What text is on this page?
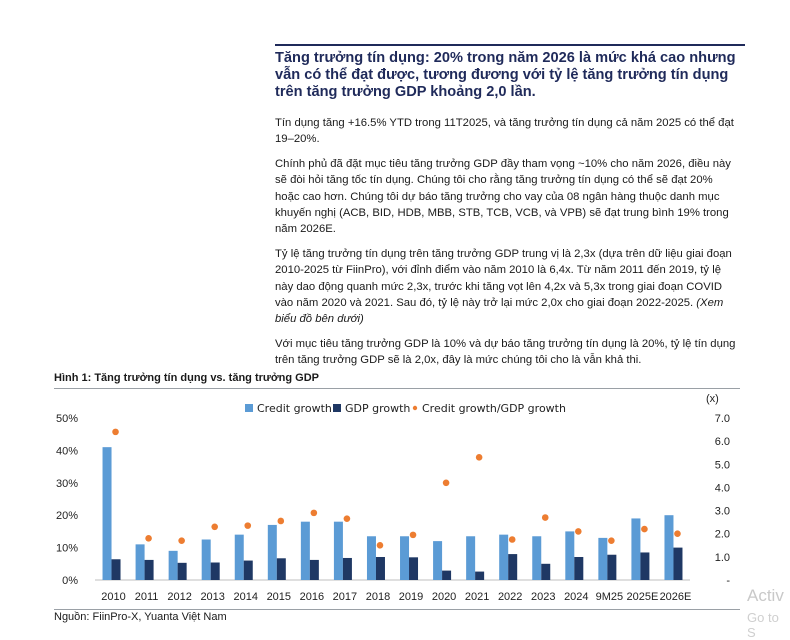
Tăng trưởng tín dụng: 20% trong năm 2026 là mức khá cao nhưng vẫn có thể đạt được, tương đương với tỷ lệ tăng trưởng tín dụng trên tăng trưởng GDP khoảng 2,0 lần.

Tín dụng tăng +16.5% YTD trong 11T2025, và tăng trưởng tín dụng cả năm 2025 có thể đạt 19–20%.

Chính phủ đã đặt mục tiêu tăng trưởng GDP đầy tham vọng ~10% cho năm 2026, điều này sẽ đòi hỏi tăng tốc tín dụng. Chúng tôi cho rằng tăng trưởng tín dụng có thể sẽ đạt 20% hoặc cao hơn. Chúng tôi dự báo tăng trưởng cho vay của 08 ngân hàng thuộc danh mục khuyến nghị (ACB, BID, HDB, MBB, STB, TCB, VCB, và VPB) sẽ đạt trung bình 19% trong năm 2026E.

Tỷ lệ tăng trưởng tín dụng trên tăng trưởng GDP trung vị là 2,3x (dựa trên dữ liệu giai đoạn 2010-2025 từ FiinPro), với đỉnh điểm vào năm 2010 là 6,4x. Từ năm 2011 đến 2019, tỷ lệ này dao động quanh mức 2,3x, trước khi tăng vọt lên 4,2x và 5,3x trong giai đoạn COVID vào năm 2020 và 2021. Sau đó, tỷ lệ này trở lại mức 2,0x cho giai đoạn 2022-2025. (Xem biểu đồ bên dưới)

Với mục tiêu tăng trưởng GDP là 10% và dự báo tăng trưởng tín dụng là 20%, tỷ lệ tín dụng trên tăng trưởng GDP sẽ là 2,0x, đây là mức chúng tôi cho là vẫn khả thi.

Hình 1: Tăng trưởng tín dụng vs. tăng trưởng GDP
0%
10%
20%
30%
40%
50%
-
1.0
2.0
3.0
4.0
5.0
6.0
7.0
(x)
2010 2011 2012 2013 2014 2015 2016 2017 2018 2019 2020 2021 2022 2023 2024 9M25 2025E 2026E
Credit growth GDP growth Credit growth/GDP growth
Nguồn: FiinPro-X, Yuanta Việt Nam
Activ
Go to S
